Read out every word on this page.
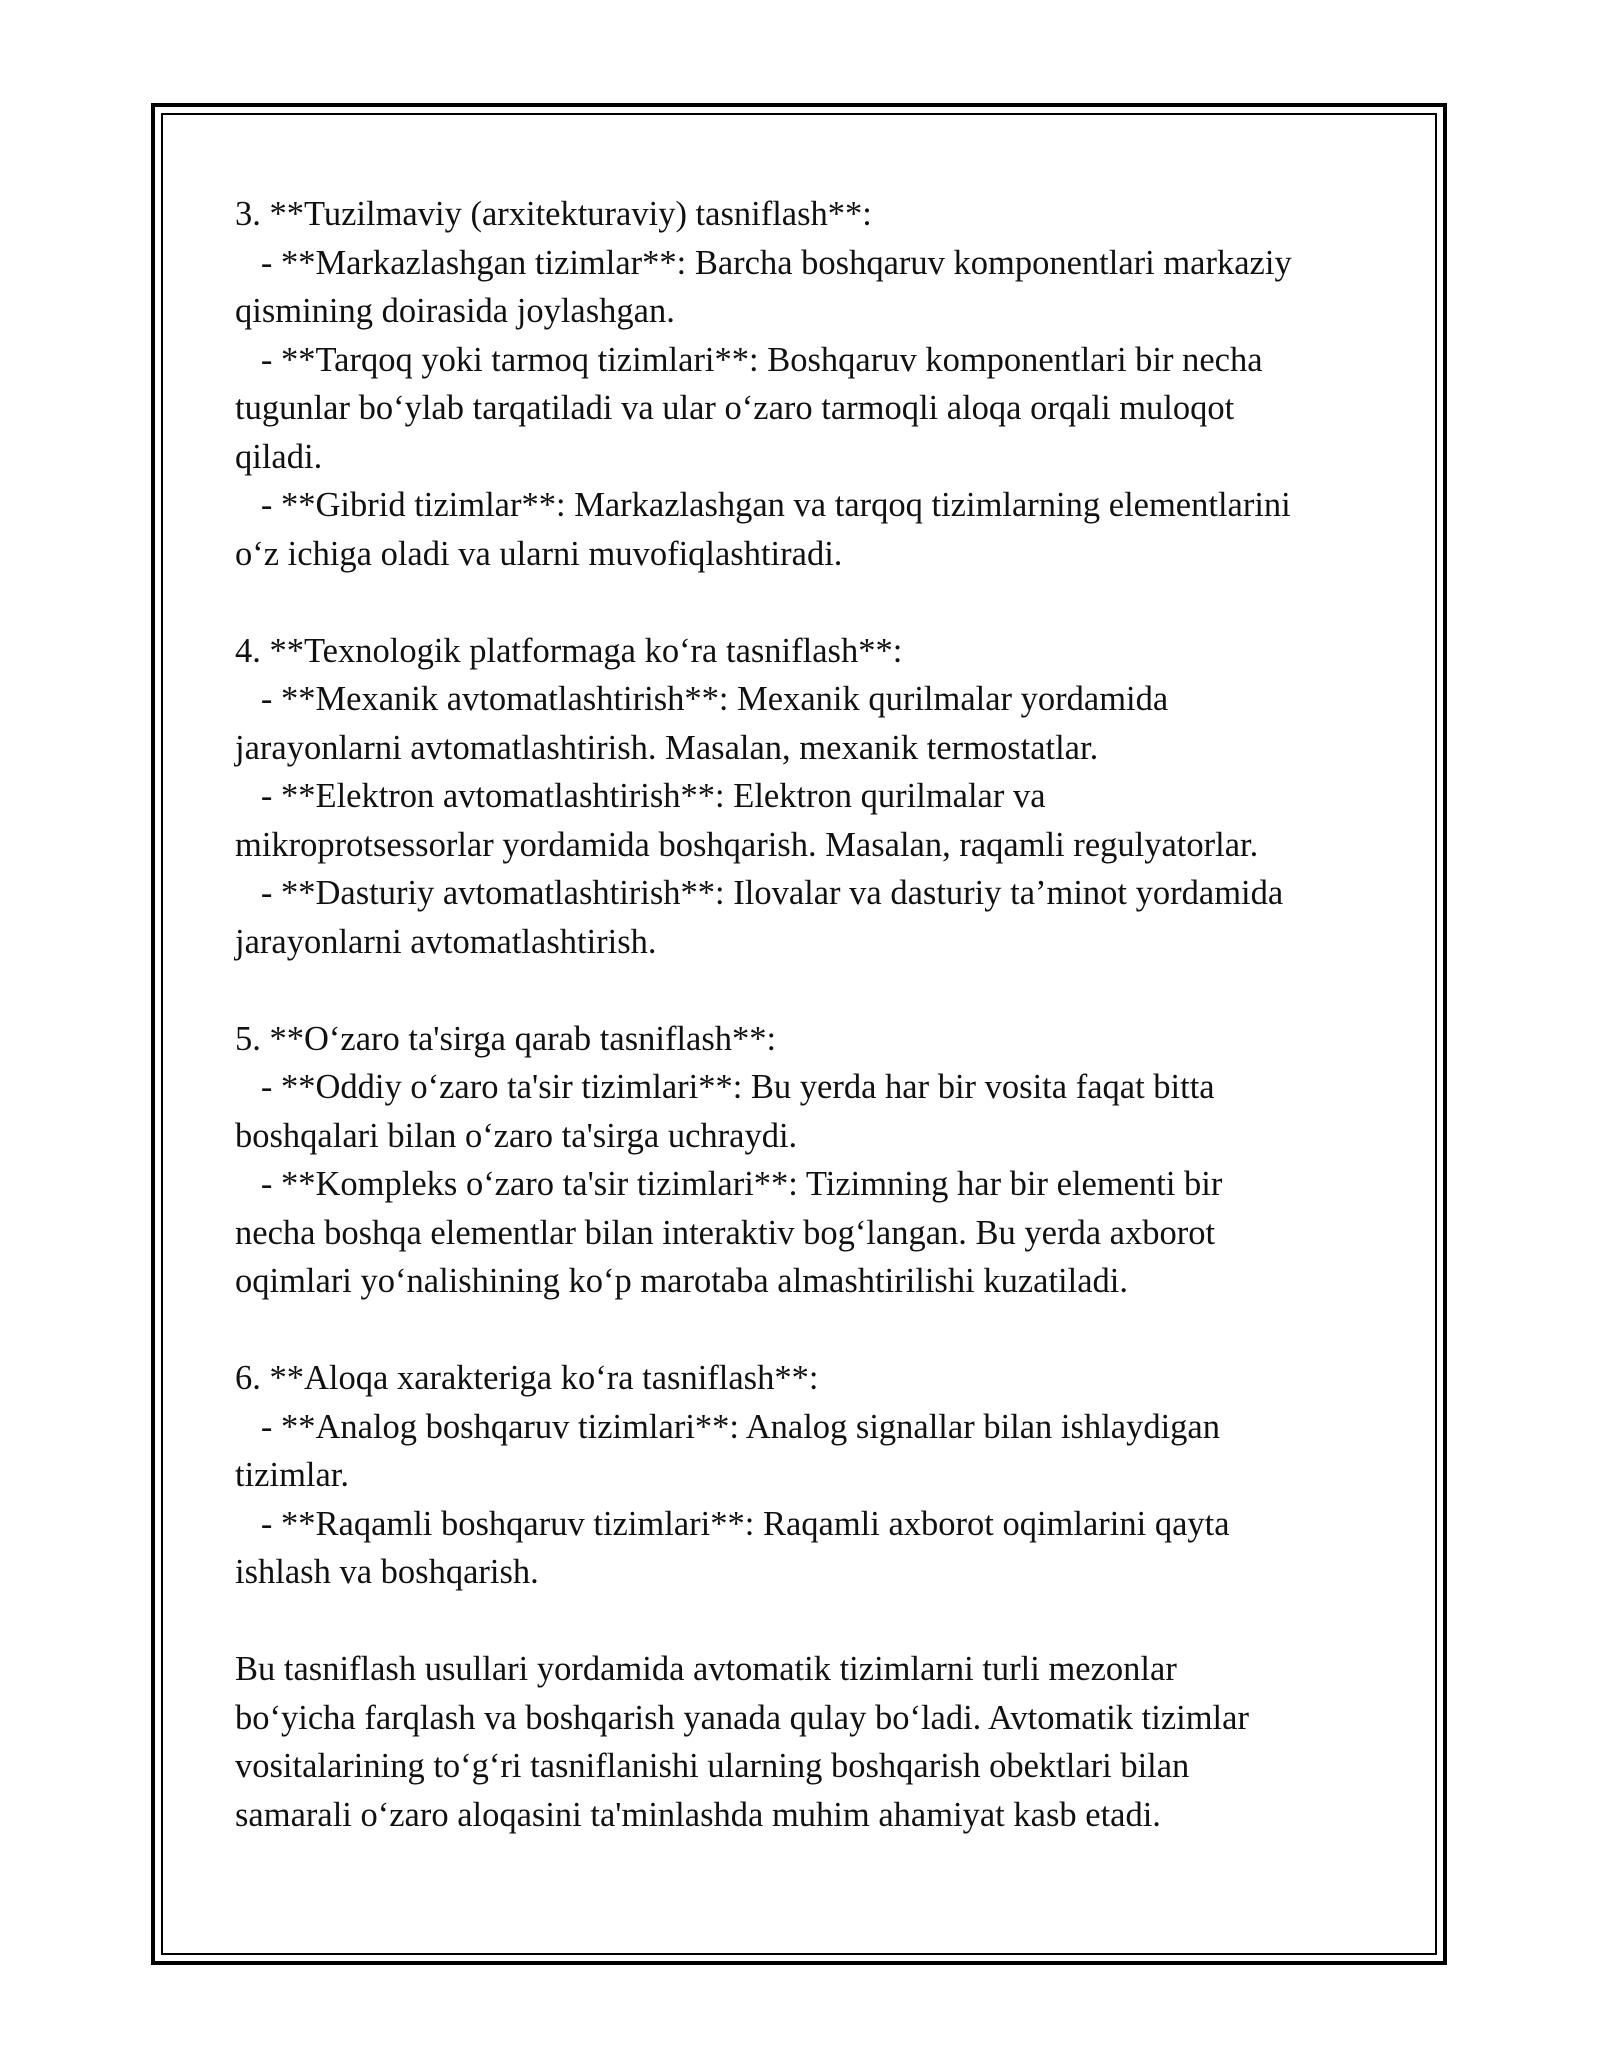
3. **Tuzilmaviy (arxitekturaviy) tasniflash**:
- **Markazlashgan tizimlar**: Barcha boshqaruv komponentlari markaziy
qismining doirasida joylashgan.
- **Tarqoq yoki tarmoq tizimlari**: Boshqaruv komponentlari bir necha
tugunlar boʻylab tarqatiladi va ular oʻzaro tarmoqli aloqa orqali muloqot
qiladi.
- **Gibrid tizimlar**: Markazlashgan va tarqoq tizimlarning elementlarini
oʻz ichiga oladi va ularni muvofiqlashtiradi.
4. **Texnologik platformaga koʻra tasniflash**:
- **Mexanik avtomatlashtirish**: Mexanik qurilmalar yordamida
jarayonlarni avtomatlashtirish. Masalan, mexanik termostatlar.
- **Elektron avtomatlashtirish**: Elektron qurilmalar va
mikroprotsessorlar yordamida boshqarish. Masalan, raqamli regulyatorlar.
- **Dasturiy avtomatlashtirish**: Ilovalar va dasturiy ta’minot yordamida
jarayonlarni avtomatlashtirish.
5. **Oʻzaro ta'sirga qarab tasniflash**:
- **Oddiy oʻzaro ta'sir tizimlari**: Bu yerda har bir vosita faqat bitta
boshqalari bilan oʻzaro ta'sirga uchraydi.
- **Kompleks oʻzaro ta'sir tizimlari**: Tizimning har bir elementi bir
necha boshqa elementlar bilan interaktiv bogʻlangan. Bu yerda axborot
oqimlari yoʻnalishining koʻp marotaba almashtirilishi kuzatiladi.
6. **Aloqa xarakteriga koʻra tasniflash**:
- **Analog boshqaruv tizimlari**: Analog signallar bilan ishlaydigan
tizimlar.
- **Raqamli boshqaruv tizimlari**: Raqamli axborot oqimlarini qayta
ishlash va boshqarish.
Bu tasniflash usullari yordamida avtomatik tizimlarni turli mezonlar
boʻyicha farqlash va boshqarish yanada qulay boʻladi. Avtomatik tizimlar
vositalarining toʻgʻri tasniflanishi ularning boshqarish obektlari bilan
samarali oʻzaro aloqasini ta'minlashda muhim ahamiyat kasb etadi.
